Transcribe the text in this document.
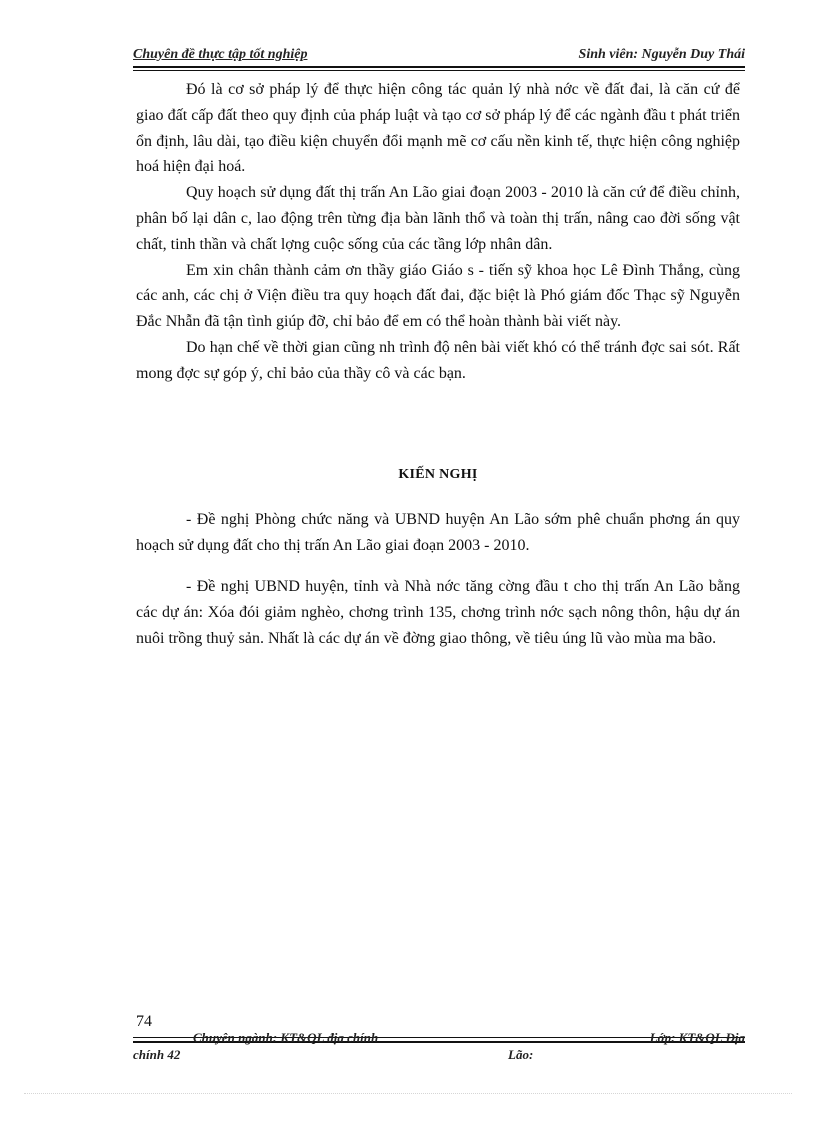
Chuyên đề thực tập tốt nghiệp	Sinh viên: Nguyễn Duy Thái

Đó là cơ sở pháp lý để thực hiện công tác quản lý nhà nớc về đất đai, là căn cứ để giao đất cấp đất theo quy định của pháp luật và tạo cơ sở pháp lý để các ngành đầu t phát triển ổn định, lâu dài, tạo điều kiện chuyển đổi mạnh mẽ cơ cấu nền kinh tế, thực hiện công nghiệp hoá hiện đại hoá.

Quy hoạch sử dụng đất thị trấn An Lão giai đoạn 2003 - 2010 là căn cứ để điều chỉnh, phân bố lại dân c, lao động trên từng địa bàn lãnh thổ và toàn thị trấn, nâng cao đời sống vật chất, tinh thần và chất lợng cuộc sống của các tầng lớp nhân dân.

Em xin chân thành cảm ơn thầy giáo Giáo s - tiến sỹ khoa học Lê Đình Thắng, cùng các anh, các chị ở Viện điều tra quy hoạch đất đai, đặc biệt là Phó giám đốc Thạc sỹ Nguyễn Đắc Nhẫn đã tận tình giúp đỡ, chỉ bảo để em có thể hoàn thành bài viết này.

Do hạn chế về thời gian cũng nh trình độ nên bài viết khó có thể tránh đợc sai sót. Rất mong đợc sự góp ý, chỉ bảo của thầy cô và các bạn.

KIẾN NGHỊ

- Đề nghị Phòng chức năng và UBND huyện An Lão sớm phê chuẩn phơng án quy hoạch sử dụng đất cho thị trấn An Lão giai đoạn 2003 - 2010.

- Đề nghị UBND huyện, tỉnh và Nhà nớc tăng cờng đầu t cho thị trấn An Lão bằng các dự án: Xóa đói giảm nghèo, chơng trình 135, chơng trình nớc sạch nông thôn, hậu dự án nuôi trồng thuỷ sản. Nhất là các dự án về đờng giao thông, về tiêu úng lũ vào mùa ma bão.

74
Chuyên ngành: KT&QL địa chính	Lớp: KT&QL Địa
chính 42	Lão:
